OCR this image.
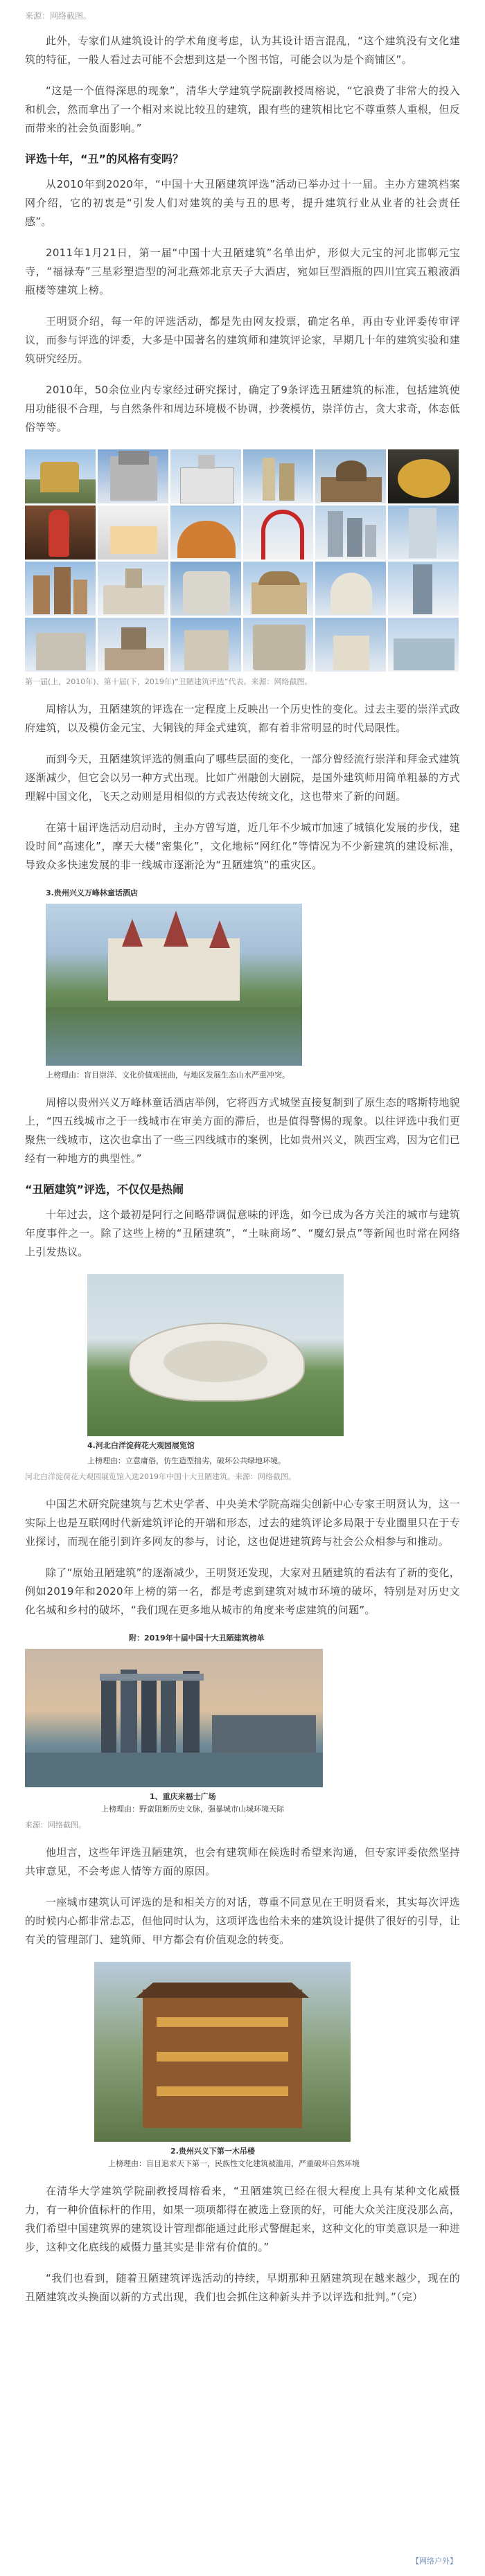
来源：网络截图。

此外，专家们从建筑设计的学术角度考虑，认为其设计语言混乱，“这个建筑没有文化建筑的特征，一般人看过去可能不会想到这是一个图书馆，可能会以为是个商铺区”。

“这是一个值得深思的现象”，清华大学建筑学院副教授周榕说，“它浪费了非常大的投入和机会，然而拿出了一个相对来说比较丑的建筑，跟有些的建筑相比它不尊重蔡人重根，但反而带来的社会负面影响。”

评选十年，“丑”的风格有变吗？

从2010年到2020年，“中国十大丑陋建筑评选”活动已举办过十一届。主办方建筑档案网介绍，它的初衷是“引发人们对建筑的美与丑的思考，提升建筑行业从业者的社会责任感”。

2011年1月21日，第一届“中国十大丑陋建筑”名单出炉，形似大元宝的河北邯郸元宝寺，“福禄寿”三星彩塑造型的河北燕郊北京天子大酒店，宛如巨型酒瓶的四川宜宾五粮液酒瓶楼等建筑上榜。

王明贤介绍，每一年的评选活动，都是先由网友投票，确定名单，再由专业评委传审评议，而参与评选的评委，大多是中国著名的建筑师和建筑评论家，早期几十年的建筑实验和建筑研究经历。

2010年，50余位业内专家经过研究探讨，确定了9条评选丑陋建筑的标准，包括建筑使用功能很不合理，与自然条件和周边环境极不协调，抄袭模仿，崇洋仿古，贪大求奇，体态低俗等等。

第一届(上，2010年)、第十届(下，2019年)“丑陋建筑评选”代表。来源：网络截图。

周榕认为，丑陋建筑的评选在一定程度上反映出一个历史性的变化。过去主要的崇洋式政府建筑，以及模仿金元宝、大铜钱的拜金式建筑，都有着非常明显的时代局限性。

而到今天，丑陋建筑评选的侧重向了哪些层面的变化，一部分曾经流行崇洋和拜金式建筑逐渐减少，但它会以另一种方式出现。比如广州融创大剧院，是国外建筑师用简单粗暴的方式理解中国文化，飞天之动则是用相似的方式表达传统文化，这也带来了新的问题。

在第十届评选活动启动时，主办方曾写道，近几年不少城市加速了城镇化发展的步伐，建设时间“高速化”，摩天大楼“密集化”，文化地标“网红化”等情况为不少新建筑的建设标准，导致众多快速发展的非一线城市逐渐沦为“丑陋建筑”的重灾区。

3.贵州兴义万峰林童话酒店
上榜理由：盲目崇洋、文化价值观扭曲，与地区发展生态山水严重冲突。

周榕以贵州兴义万峰林童话酒店举例，它将西方式城堡直接复制到了原生态的喀斯特地貌上，“四五线城市之于一线城市在审美方面的滞后，也是值得警惕的现象。以往评选中我们更聚焦一线城市，这次也拿出了一些三四线城市的案例，比如贵州兴义，陕西宝鸡，因为它们已经有一种地方的典型性。”

“丑陋建筑”评选，不仅仅是热闹

十年过去，这个最初是阿行之间略带调侃意味的评选，如今已成为各方关注的城市与建筑年度事件之一。除了这些上榜的“丑陋建筑”，“土味商场”、“魔幻景点”等新闻也时常在网络上引发热议。

4.河北白洋淀荷花大观园展览馆
上榜理由：立意庸俗，仿生造型拙劣，破坏公共绿地环境。
河北白洋淀荷花大观园展览馆入选2019年中国十大丑陋建筑。来源：网络截图。

中国艺术研究院建筑与艺术史学者、中央美术学院高端尖创新中心专家王明贤认为，这一实际上也是互联网时代新建筑评论的开端和形态，过去的建筑评论多局限于专业圈里只在于专业探讨，而现在能引到许多网友的参与，讨论，这也促进建筑跨与社会公众相参与和推动。

除了“原始丑陋建筑”的逐渐减少，王明贤还发现，大家对丑陋建筑的看法有了新的变化，例如2019年和2020年上榜的第一名，都是考虑到建筑对城市环境的破坏，特别是对历史文化名城和乡村的破坏，“我们现在更多地从城市的角度来考虑建筑的问题”。

附：2019年十届中国十大丑陋建筑榜单
1、重庆来福士广场
上榜理由：野蛮阻断历史文脉，强暴城市山城环境天际
来源：网络截图。

他坦言，这些年评选丑陋建筑，也会有建筑师在候选时希望来沟通，但专家评委依然坚持共审意见，不会考虑人情等方面的原因。

一座城市建筑认可评选的是和相关方的对话，尊重不同意见在王明贤看来，其实每次评选的时候内心都非常忐忑，但他同时认为，这项评选也给未来的建筑设计提供了很好的引导，让有关的管理部门、建筑师、甲方都会有价值观念的转变。

2.贵州兴义下第一木吊楼
上榜理由：盲目追求天下第一，民族性文化建筑被滥用，严重破坏自然环境

在清华大学建筑学院副教授周榕看来，“丑陋建筑已经在很大程度上具有某种文化威慑力，有一种价值标杆的作用，如果一项项都得在被选上登顶的好，可能大众关注度没那么高，我们希望中国建筑界的建筑设计管理都能通过此形式警醒起来，这种文化的审美意识是一种进步，这种文化底线的威慑力量其实是非常有价值的。”

“我们也看到，随着丑陋建筑评选活动的持续，早期那种丑陋建筑现在越来越少，现在的丑陋建筑改头换面以新的方式出现，我们也会抓住这种新头并予以评选和批判。”（完）

【网络户外】
